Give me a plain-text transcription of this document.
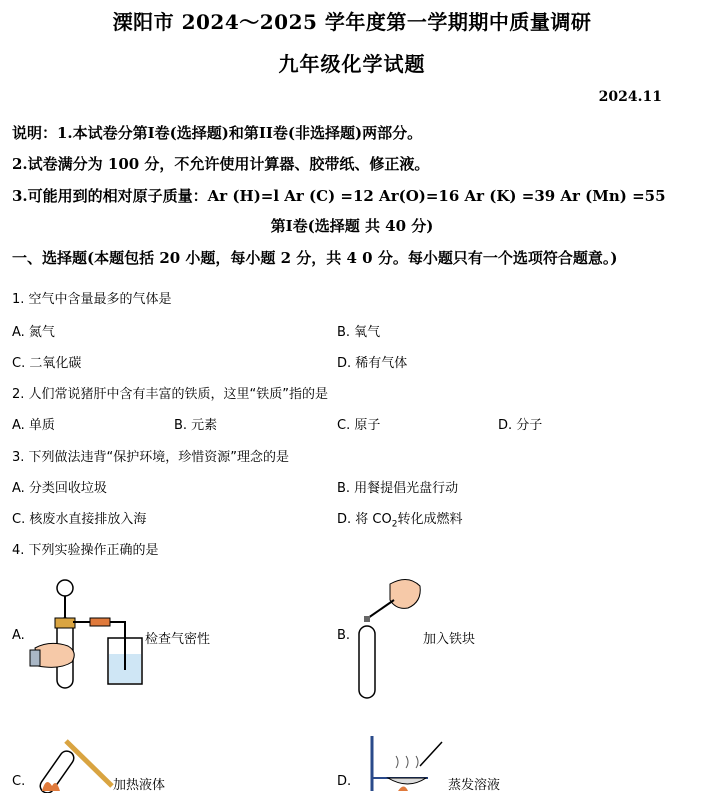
溧阳市 2024～2025 学年度第一学期期中质量调研
九年级化学试题
2024.11
说明：1.本试卷分第I卷(选择题)和第II卷(非选择题)两部分。
2.试卷满分为 100 分，不允许使用计算器、胶带纸、修正液。
3.可能用到的相对原子质量：Ar (H)=l Ar (C) =12 Ar(O)=16 Ar (K) =39 Ar (Mn) =55
第I卷(选择题 共 40 分)
一、选择题(本题包括 20 小题，每小题 2 分，共 4 0 分。每小题只有一个选项符合题意。)
1. 空气中含量最多的气体是
A. 氮气	B. 氧气
C. 二氧化碳	D. 稀有气体
2. 人们常说猪肝中含有丰富的铁质，这里“铁质”指的是
A. 单质	B. 元素	C. 原子	D. 分子
3. 下列做法违背“保护环境，珍惜资源”理念的是
A. 分类回收垃圾	B. 用餐提倡光盘行动
C. 核废水直接排放入海	D. 将 $CO_2$转化成燃料
4. 下列实验操作正确的是
A.	检查气密性	B.	加入铁块
C.	加热液体	D.	蒸发溶液
